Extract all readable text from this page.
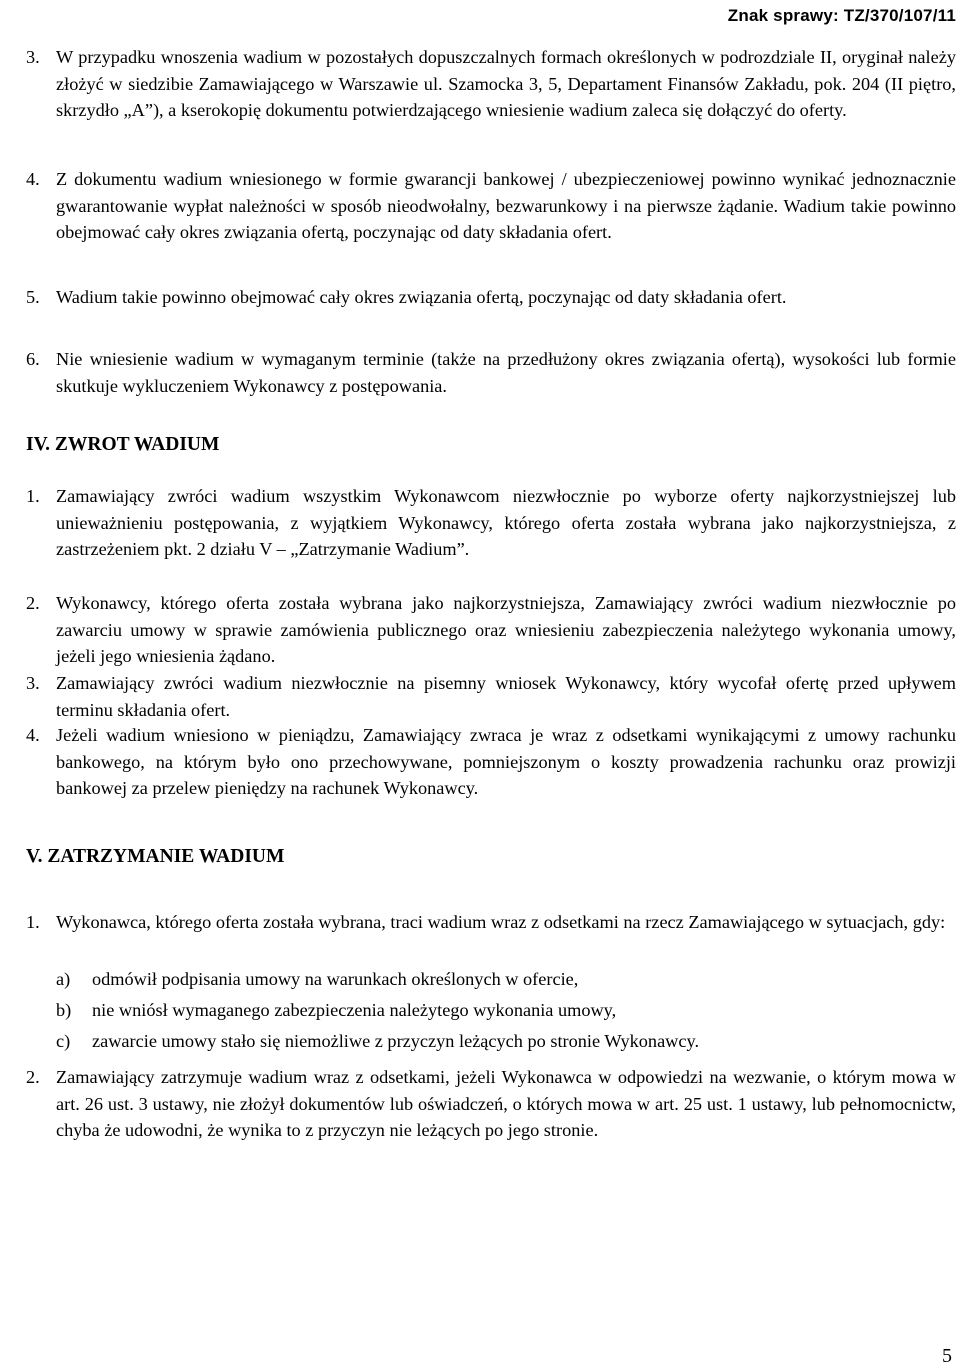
Znak sprawy: TZ/370/107/11
3. W przypadku wnoszenia wadium w pozostałych dopuszczalnych formach określonych w podrozdziale II, oryginał należy złożyć w siedzibie Zamawiającego w Warszawie ul. Szamocka 3, 5, Departament Finansów Zakładu, pok. 204 (II piętro, skrzydło „A”), a kserokopię dokumentu potwierdzającego wniesienie wadium zaleca się dołączyć do oferty.
4. Z dokumentu wadium wniesionego w formie gwarancji bankowej / ubezpieczeniowej powinno wynikać jednoznacznie gwarantowanie wypłat należności w sposób nieodwołalny, bezwarunkowy i na pierwsze żądanie. Wadium takie powinno obejmować cały okres związania ofertą, poczynając od daty składania ofert.
5. Wadium takie powinno obejmować cały okres związania ofertą, poczynając od daty składania ofert.
6. Nie wniesienie wadium w wymaganym terminie (także na przedłużony okres związania ofertą), wysokości lub formie skutkuje wykluczeniem Wykonawcy z postępowania.
IV. ZWROT WADIUM
1. Zamawiający zwróci wadium wszystkim Wykonawcom niezwłocznie po wyborze oferty najkorzystniejszej lub unieważnieniu postępowania, z wyjątkiem Wykonawcy, którego oferta została wybrana jako najkorzystniejsza, z zastrzeżeniem pkt. 2 działu V – „Zatrzymanie Wadium”.
2. Wykonawcy, którego oferta została wybrana jako najkorzystniejsza, Zamawiający zwróci wadium niezwłocznie po zawarciu umowy w sprawie zamówienia publicznego oraz wniesieniu zabezpieczenia należytego wykonania umowy, jeżeli jego wniesienia żądano.
3. Zamawiający zwróci wadium niezwłocznie na pisemny wniosek Wykonawcy, który wycofał ofertę przed upływem terminu składania ofert.
4. Jeżeli wadium wniesiono w pieniądzu, Zamawiający zwraca je wraz z odsetkami wynikającymi z umowy rachunku bankowego, na którym było ono przechowywane, pomniejszonym o koszty prowadzenia rachunku oraz prowizji bankowej za przelew pieniędzy na rachunek Wykonawcy.
V. ZATRZYMANIE WADIUM
1. Wykonawca, którego oferta została wybrana, traci wadium wraz z odsetkami na rzecz Zamawiającego w sytuacjach, gdy:
a)	odmówił podpisania umowy na warunkach określonych w ofercie,
b)	nie wniósł wymaganego zabezpieczenia należytego wykonania umowy,
c)	zawarcie umowy stało się niemożliwe z przyczyn leżących po stronie Wykonawcy.
2. Zamawiający zatrzymuje wadium wraz z odsetkami, jeżeli Wykonawca w odpowiedzi na wezwanie, o którym mowa w art. 26 ust. 3 ustawy, nie złożył dokumentów lub oświadczeń, o których mowa w art. 25 ust. 1 ustawy, lub pełnomocnictw, chyba że udowodni, że wynika to z przyczyn nie leżących po jego stronie.
5
